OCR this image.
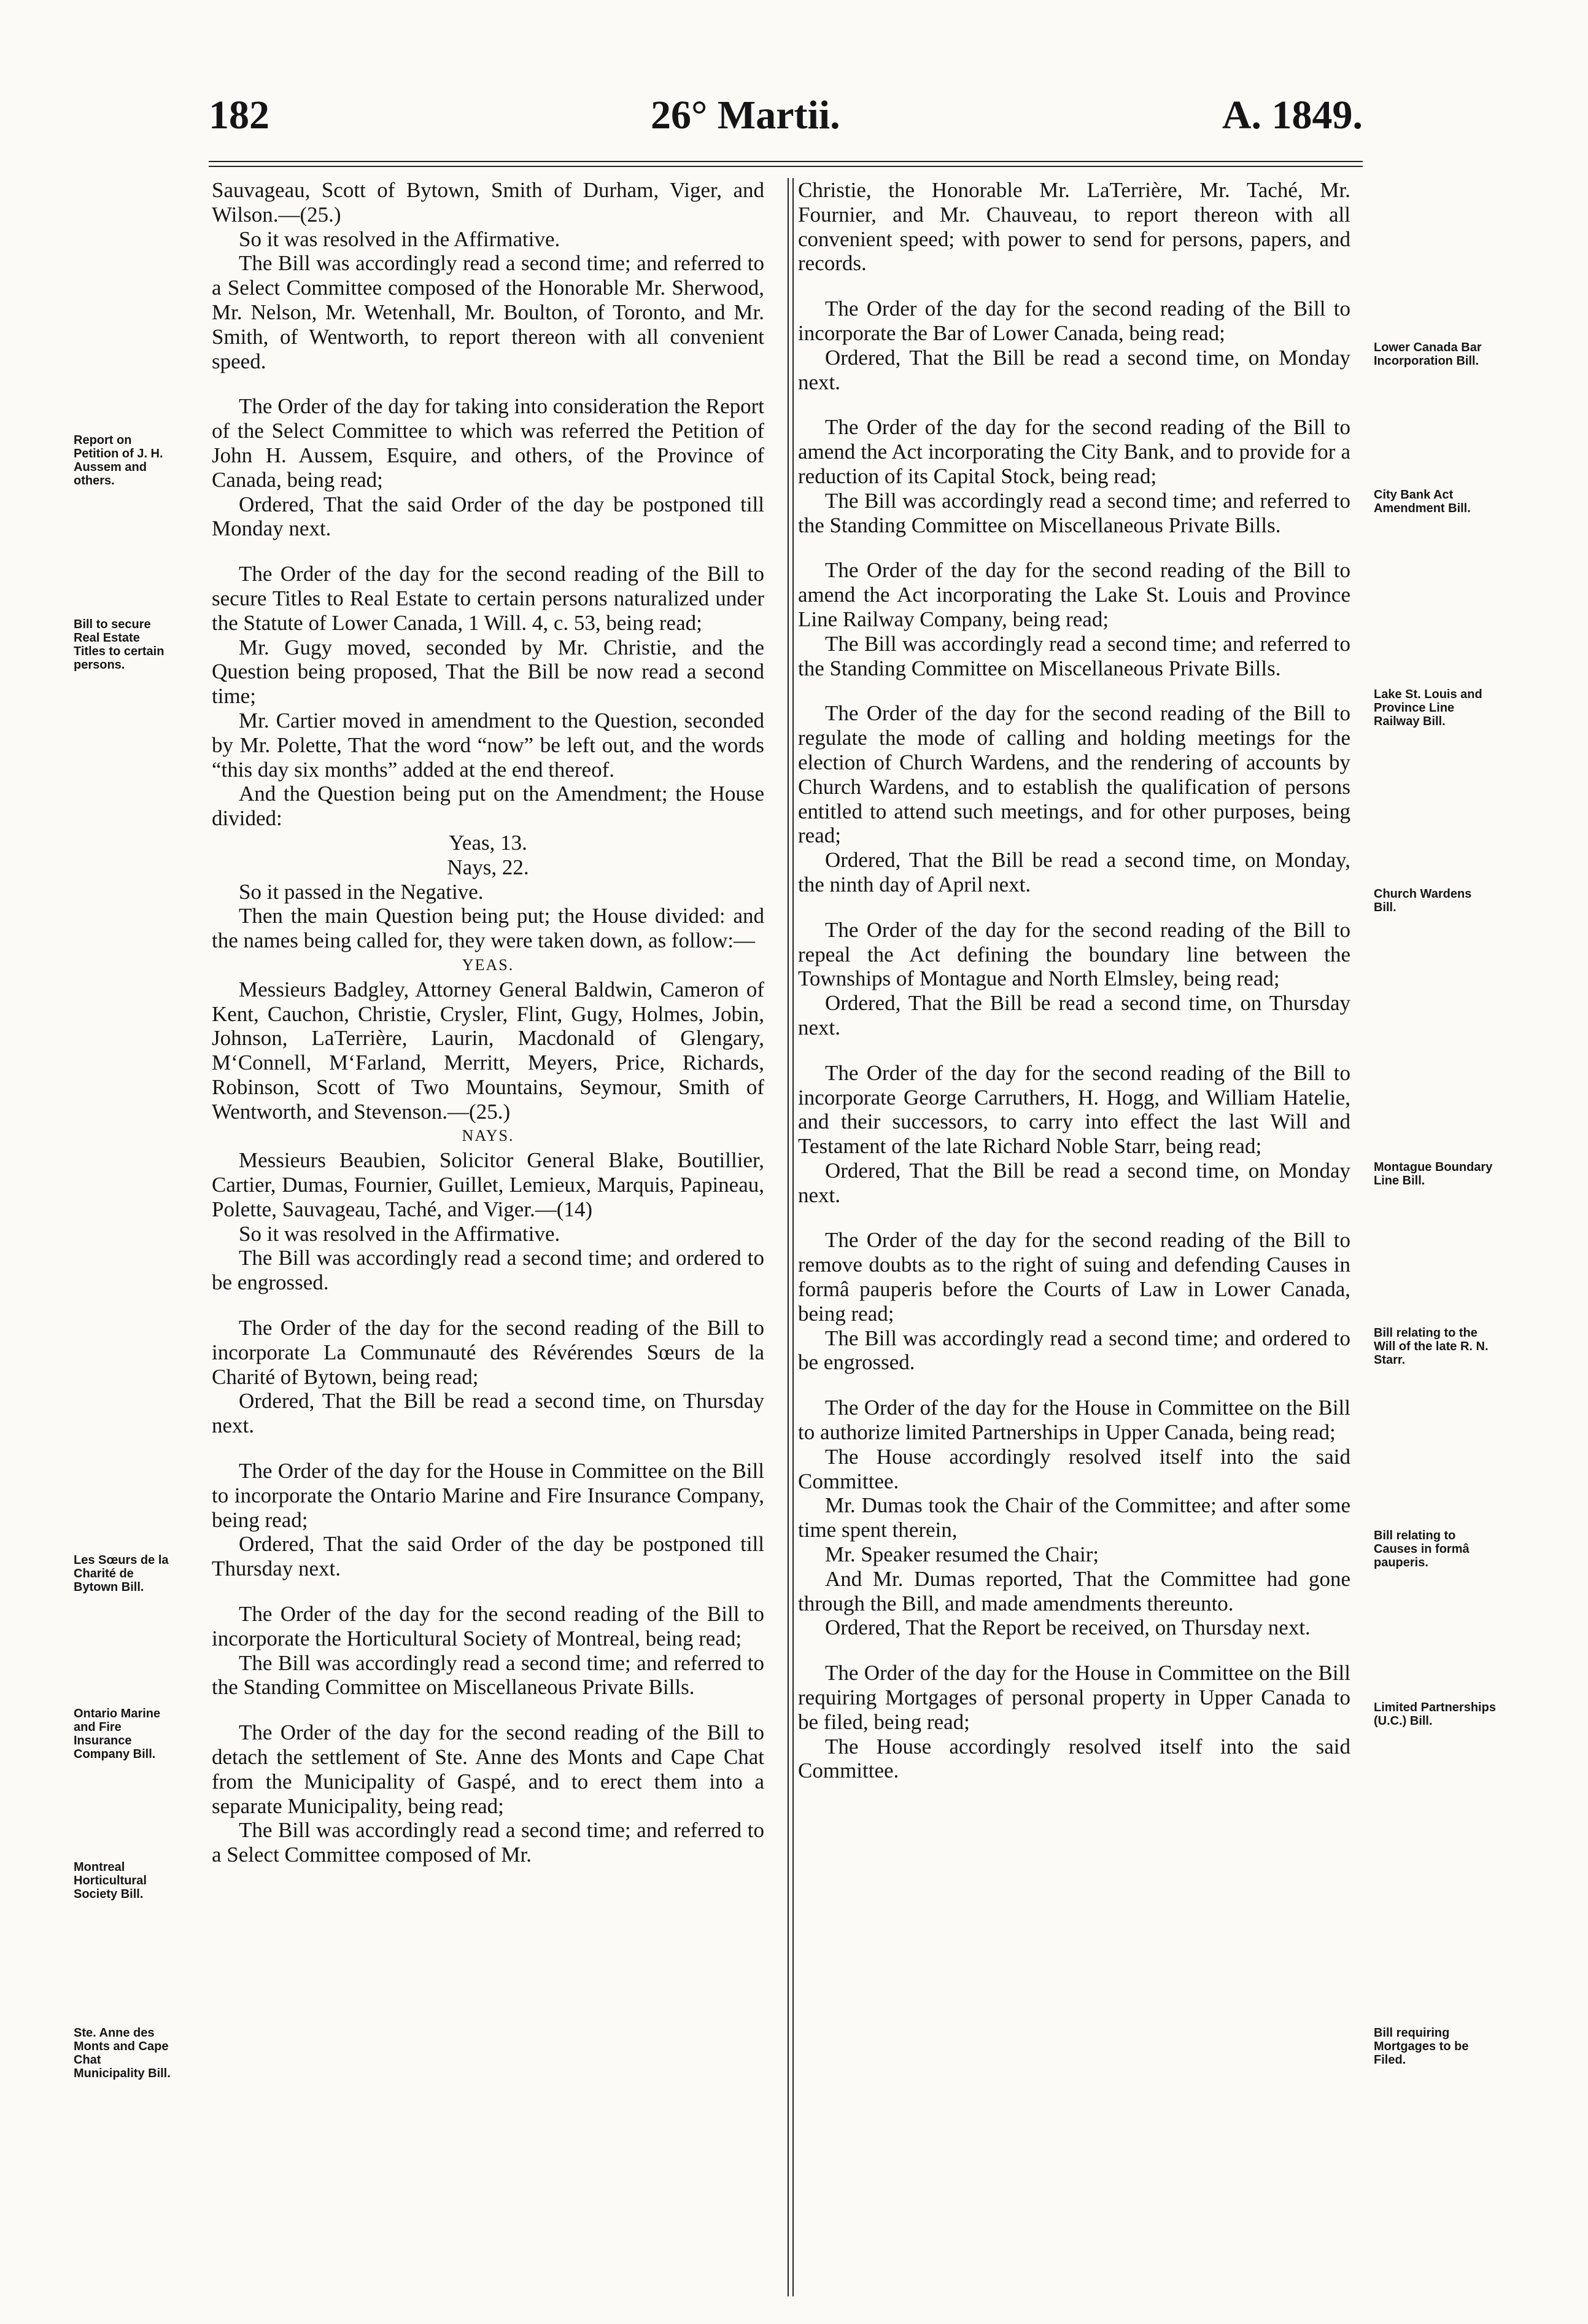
182	26° Martii.	A. 1849.
Report on Petition of J. H. Aussem and others.
Bill to secure Real Estate Titles to certain persons.
Les Sœurs de la Charité de Bytown Bill.
Ontario Marine and Fire Insurance Company Bill.
Montreal Horticultural Society Bill.
Ste. Anne des Monts and Cape Chat Municipality Bill.
Lower Canada Bar Incorporation Bill.
City Bank Act Amendment Bill.
Lake St. Louis and Province Line Railway Bill.
Church Wardens Bill.
Montague Boundary Line Bill.
Bill relating to the Will of the late R. N. Starr.
Bill relating to Causes in formâ pauperis.
Limited Partnerships (U.C.) Bill.
Bill requiring Mortgages to be Filed.

Sauvageau, Scott of Bytown, Smith of Durham, Viger, and Wilson.—(25.)

So it was resolved in the Affirmative.

The Bill was accordingly read a second time; and referred to a Select Committee composed of the Honorable Mr. Sherwood, Mr. Nelson, Mr. Wetenhall, Mr. Boulton, of Toronto, and Mr. Smith, of Wentworth, to report thereon with all convenient speed.

The Order of the day for taking into consideration the Report of the Select Committee to which was referred the Petition of John H. Aussem, Esquire, and others, of the Province of Canada, being read;

Ordered, That the said Order of the day be postponed till Monday next.

The Order of the day for the second reading of the Bill to secure Titles to Real Estate to certain persons naturalized under the Statute of Lower Canada, 1 Will. 4, c. 53, being read;

Mr. Gugy moved, seconded by Mr. Christie, and the Question being proposed, That the Bill be now read a second time;

Mr. Cartier moved in amendment to the Question, seconded by Mr. Polette, That the word “now” be left out, and the words “this day six months” added at the end thereof.

And the Question being put on the Amendment; the House divided:

Yeas, 13.

Nays, 22.

So it passed in the Negative.

Then the main Question being put; the House divided: and the names being called for, they were taken down, as follow:—

YEAS.

Messieurs Badgley, Attorney General Baldwin, Cameron of Kent, Cauchon, Christie, Crysler, Flint, Gugy, Holmes, Jobin, Johnson, LaTerrière, Laurin, Macdonald of Glengary, M‘Connell, M‘Farland, Merritt, Meyers, Price, Richards, Robinson, Scott of Two Mountains, Seymour, Smith of Wentworth, and Stevenson.—(25.)

NAYS.

Messieurs Beaubien, Solicitor General Blake, Boutillier, Cartier, Dumas, Fournier, Guillet, Lemieux, Marquis, Papineau, Polette, Sauvageau, Taché, and Viger.—(14)

So it was resolved in the Affirmative.

The Bill was accordingly read a second time; and ordered to be engrossed.

The Order of the day for the second reading of the Bill to incorporate La Communauté des Révérendes Sœurs de la Charité of Bytown, being read;

Ordered, That the Bill be read a second time, on Thursday next.

The Order of the day for the House in Committee on the Bill to incorporate the Ontario Marine and Fire Insurance Company, being read;

Ordered, That the said Order of the day be postponed till Thursday next.

The Order of the day for the second reading of the Bill to incorporate the Horticultural Society of Montreal, being read;

The Bill was accordingly read a second time; and referred to the Standing Committee on Miscellaneous Private Bills.

The Order of the day for the second reading of the Bill to detach the settlement of Ste. Anne des Monts and Cape Chat from the Municipality of Gaspé, and to erect them into a separate Municipality, being read;

The Bill was accordingly read a second time; and referred to a Select Committee composed of Mr.

Christie, the Honorable Mr. LaTerrière, Mr. Taché, Mr. Fournier, and Mr. Chauveau, to report thereon with all convenient speed; with power to send for persons, papers, and records.

The Order of the day for the second reading of the Bill to incorporate the Bar of Lower Canada, being read;

Ordered, That the Bill be read a second time, on Monday next.

The Order of the day for the second reading of the Bill to amend the Act incorporating the City Bank, and to provide for a reduction of its Capital Stock, being read;

The Bill was accordingly read a second time; and referred to the Standing Committee on Miscellaneous Private Bills.

The Order of the day for the second reading of the Bill to amend the Act incorporating the Lake St. Louis and Province Line Railway Company, being read;

The Bill was accordingly read a second time; and referred to the Standing Committee on Miscellaneous Private Bills.

The Order of the day for the second reading of the Bill to regulate the mode of calling and holding meetings for the election of Church Wardens, and the rendering of accounts by Church Wardens, and to establish the qualification of persons entitled to attend such meetings, and for other purposes, being read;

Ordered, That the Bill be read a second time, on Monday, the ninth day of April next.

The Order of the day for the second reading of the Bill to repeal the Act defining the boundary line between the Townships of Montague and North Elmsley, being read;

Ordered, That the Bill be read a second time, on Thursday next.

The Order of the day for the second reading of the Bill to incorporate George Carruthers, H. Hogg, and William Hatelie, and their successors, to carry into effect the last Will and Testament of the late Richard Noble Starr, being read;

Ordered, That the Bill be read a second time, on Monday next.

The Order of the day for the second reading of the Bill to remove doubts as to the right of suing and defending Causes in formâ pauperis before the Courts of Law in Lower Canada, being read;

The Bill was accordingly read a second time; and ordered to be engrossed.

The Order of the day for the House in Committee on the Bill to authorize limited Partnerships in Upper Canada, being read;

The House accordingly resolved itself into the said Committee.

Mr. Dumas took the Chair of the Committee; and after some time spent therein,

Mr. Speaker resumed the Chair;

And Mr. Dumas reported, That the Committee had gone through the Bill, and made amendments thereunto.

Ordered, That the Report be received, on Thursday next.

The Order of the day for the House in Committee on the Bill requiring Mortgages of personal property in Upper Canada to be filed, being read;

The House accordingly resolved itself into the said Committee.
